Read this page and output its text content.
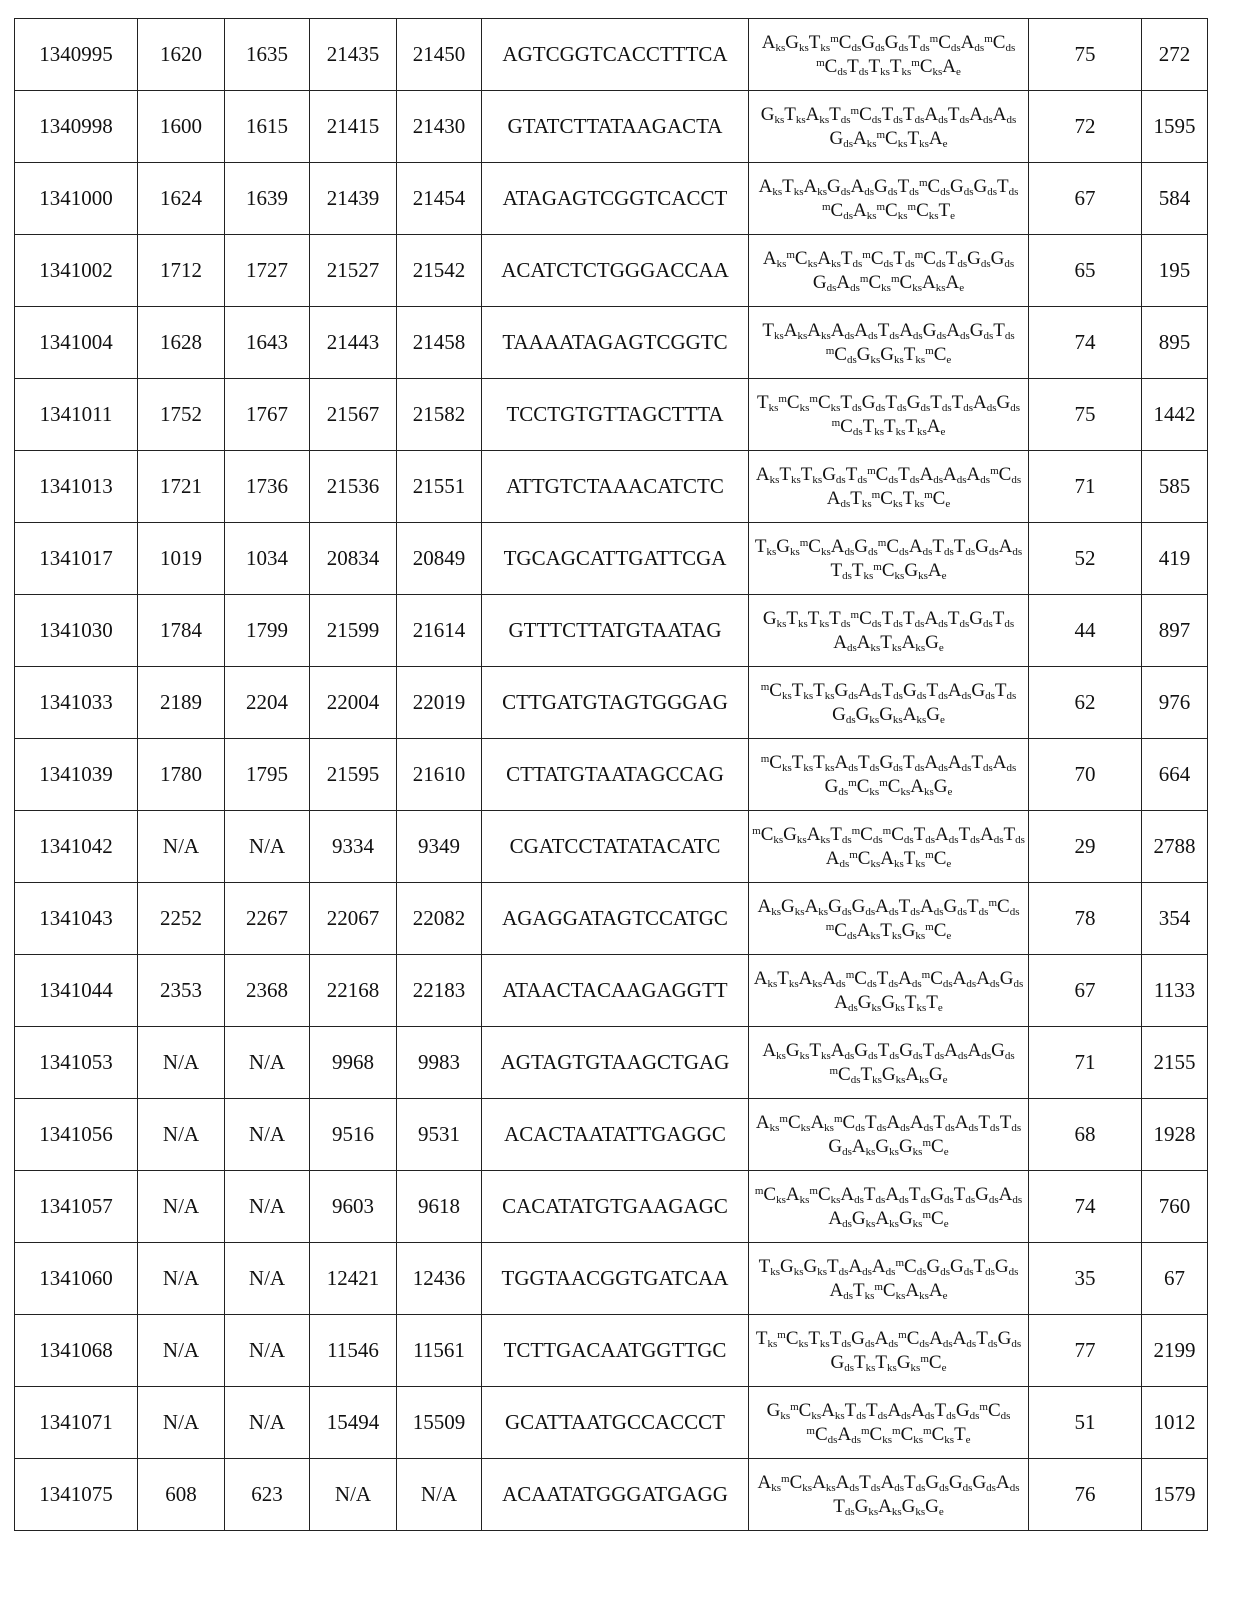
1340995	1620	1635	21435	21450	AGTCGGTCACCTTTCA	AksGksTksmCdsGdsGdsTdsmCdsAdsmCdsmCdsTdsTksTksmCksAe	75	272
1340998	1600	1615	21415	21430	GTATCTTATAAGACTA	GksTksAksTdsmCdsTdsTdsAdsTdsAdsAdsGdsAksmCksTksAe	72	1595
1341000	1624	1639	21439	21454	ATAGAGTCGGTCACCT	AksTksAksGdsAdsGdsTdsmCdsGdsGdsTdsmCdsAksmCksmCksTe	67	584
1341002	1712	1727	21527	21542	ACATCTCTGGGACCAA	AksmCksAksTdsmCdsTdsmCdsTdsGdsGdsGdsAdsmCksmCksAksAe	65	195
1341004	1628	1643	21443	21458	TAAAATAGAGTCGGTC	TksAksAksAdsAdsTdsAdsGdsAdsGdsTdsmCdsGksGksTksmCe	74	895
1341011	1752	1767	21567	21582	TCCTGTGTTAGCTTTA	TksmCksmCksTdsGdsTdsGdsTdsTdsAdsGdsmCdsTksTksTksAe	75	1442
1341013	1721	1736	21536	21551	ATTGTCTAAACATCTC	AksTksTksGdsTdsmCdsTdsAdsAdsAdsmCdsAdsTksmCksTksmCe	71	585
1341017	1019	1034	20834	20849	TGCAGCATTGATTCGA	TksGksmCksAdsGdsmCdsAdsTdsTdsGdsAdsTdsTksmCksGksAe	52	419
1341030	1784	1799	21599	21614	GTTTCTTATGTAATAG	GksTksTksTdsmCdsTdsTdsAdsTdsGdsTdsAdsAksTksAksGe	44	897
1341033	2189	2204	22004	22019	CTTGATGTAGTGGGAG	mCksTksTksGdsAdsTdsGdsTdsAdsGdsTdsGdsGksGksAksGe	62	976
1341039	1780	1795	21595	21610	CTTATGTAATAGCCAG	mCksTksTksAdsTdsGdsTdsAdsAdsTdsAdsGdsmCksmCksAksGe	70	664
1341042	N/A	N/A	9334	9349	CGATCCTATATACATC	mCksGksAksTdsmCdsmCdsTdsAdsTdsAdsTdsAdsmCksAksTksmCe	29	2788
1341043	2252	2267	22067	22082	AGAGGATAGTCCATGC	AksGksAksGdsGdsAdsTdsAdsGdsTdsmCdsmCdsAksTksGksmCe	78	354
1341044	2353	2368	22168	22183	ATAACTACAAGAGGTT	AksTksAksAdsmCdsTdsAdsmCdsAdsAdsGdsAdsGksGksTksTe	67	1133
1341053	N/A	N/A	9968	9983	AGTAGTGTAAGCTGAG	AksGksTksAdsGdsTdsGdsTdsAdsAdsGdsmCdsTksGksAksGe	71	2155
1341056	N/A	N/A	9516	9531	ACACTAATATTGAGGC	AksmCksAksmCdsTdsAdsAdsTdsAdsTdsTdsGdsAksGksGksmCe	68	1928
1341057	N/A	N/A	9603	9618	CACATATGTGAAGAGC	mCksAksmCksAdsTdsAdsTdsGdsTdsGdsAdsAdsGksAksGksmCe	74	760
1341060	N/A	N/A	12421	12436	TGGTAACGGTGATCAA	TksGksGksTdsAdsAdsmCdsGdsGdsTdsGdsAdsTksmCksAksAe	35	67
1341068	N/A	N/A	11546	11561	TCTTGACAATGGTTGC	TksmCksTksTdsGdsAdsmCdsAdsAdsTdsGdsGdsTksTksGksmCe	77	2199
1341071	N/A	N/A	15494	15509	GCATTAATGCCACCCT	GksmCksAksTdsTdsAdsAdsTdsGdsmCdsmCdsAdsmCksmCksmCksTe	51	1012
1341075	608	623	N/A	N/A	ACAATATGGGATGAGG	AksmCksAksAdsTdsAdsTdsGdsGdsGdsAdsTdsGksAksGksGe	76	1579
